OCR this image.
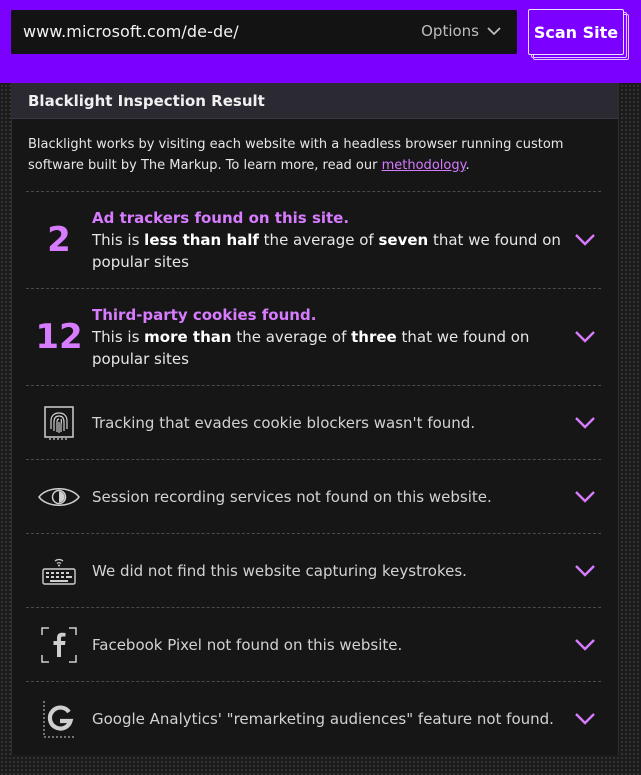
www.microsoft.com/de-de/	Options	Scan Site
Blacklight Inspection Result
Blacklight works by visiting each website with a headless browser running custom software built by The Markup. To learn more, read our methodology.
2
Ad trackers found on this site.
This is less than half the average of seven that we found on popular sites
12
Third-party cookies found.
This is more than the average of three that we found on popular sites
Tracking that evades cookie blockers wasn't found.
Session recording services not found on this website.
We did not find this website capturing keystrokes.
Facebook Pixel not found on this website.
Google Analytics' "remarketing audiences" feature not found.
